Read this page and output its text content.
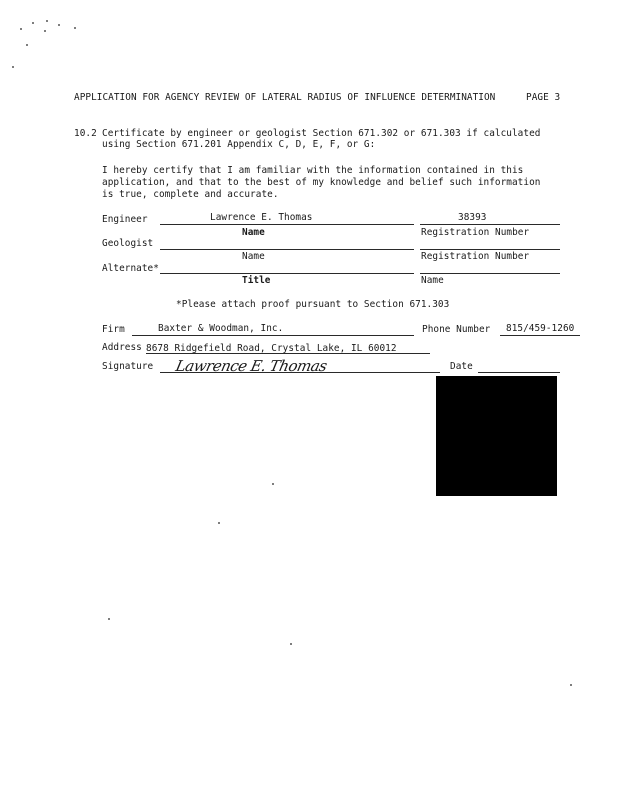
APPLICATION FOR AGENCY REVIEW OF LATERAL RADIUS OF INFLUENCE DETERMINATION	PAGE 3
10.2 Certificate by engineer or geologist Section 671.302 or 671.303 if calculated
using Section 671.201 Appendix C, D, E, F, or G:
I hereby certify that I am familiar with the information contained in this
application, and that to the best of my knowledge and belief such information
is true, complete and accurate.
Engineer	Lawrence E. Thomas	38393
Name	Registration Number
Geologist
Name	Registration Number
Alternate*
Title	Name
*Please attach proof pursuant to Section 671.303
Firm	Baxter & Woodman, Inc.	Phone Number 815/459-1260
Address 8678 Ridgefield Road, Crystal Lake, IL 60012
Signature Lawrence E. Thomas	Date
